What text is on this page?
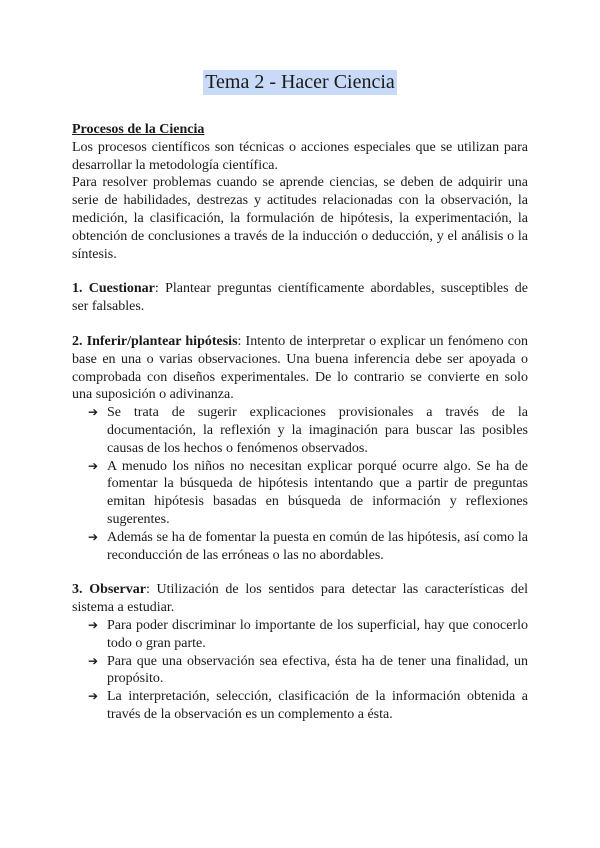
Tema 2 - Hacer Ciencia

Procesos de la Ciencia

Los procesos científicos son técnicas o acciones especiales que se utilizan para desarrollar la metodología científica.

Para resolver problemas cuando se aprende ciencias, se deben de adquirir una serie de habilidades, destrezas y actitudes relacionadas con la observación, la medición, la clasificación, la formulación de hipótesis, la experimentación, la obtención de conclusiones a través de la inducción o deducción, y el análisis o la síntesis.

1. Cuestionar: Plantear preguntas científicamente abordables, susceptibles de ser falsables.

2. Inferir/plantear hipótesis: Intento de interpretar o explicar un fenómeno con base en una o varias observaciones. Una buena inferencia debe ser apoyada o comprobada con diseños experimentales. De lo contrario se convierte en solo una suposición o adivinanza.

➔ Se trata de sugerir explicaciones provisionales a través de la documentación, la reflexión y la imaginación para buscar las posibles causas de los hechos o fenómenos observados.
➔ A menudo los niños no necesitan explicar porqué ocurre algo. Se ha de fomentar la búsqueda de hipótesis intentando que a partir de preguntas emitan hipótesis basadas en búsqueda de información y reflexiones sugerentes.
➔ Además se ha de fomentar la puesta en común de las hipótesis, así como la reconducción de las erróneas o las no abordables.

3. Observar: Utilización de los sentidos para detectar las características del sistema a estudiar.

➔ Para poder discriminar lo importante de los superficial, hay que conocerlo todo o gran parte.
➔ Para que una observación sea efectiva, ésta ha de tener una finalidad, un propósito.
➔ La interpretación, selección, clasificación de la información obtenida a través de la observación es un complemento a ésta.
